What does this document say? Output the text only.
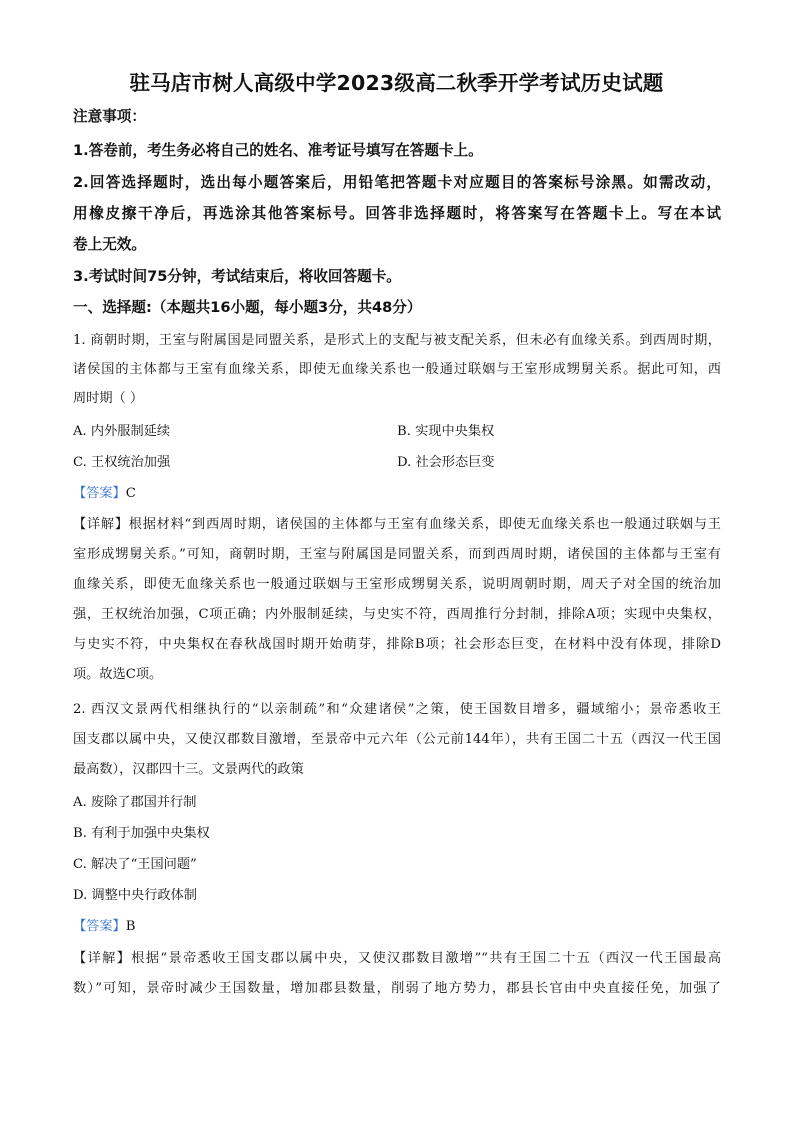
驻马店市树人高级中学2023级高二秋季开学考试历史试题
注意事项：
1.答卷前，考生务必将自己的姓名、准考证号填写在答题卡上。
2.回答选择题时，选出每小题答案后，用铅笔把答题卡对应题目的答案标号涂黑。如需改动，
用橡皮擦干净后，再选涂其他答案标号。回答非选择题时，将答案写在答题卡上。写在本试
卷上无效。
3.考试时间75分钟，考试结束后，将收回答题卡。
一、选择题:（本题共16小题，每小题3分，共48分）
1. 商朝时期，王室与附属国是同盟关系，是形式上的支配与被支配关系，但未必有血缘关系。到西周时期，
诸侯国的主体都与王室有血缘关系，即使无血缘关系也一般通过联姻与王室形成甥舅关系。据此可知，西
周时期（ ）
A. 内外服制延续	B. 实现中央集权
C. 王权统治加强	D. 社会形态巨变
【答案】C
【详解】根据材料“到西周时期，诸侯国的主体都与王室有血缘关系，即使无血缘关系也一般通过联姻与王
室形成甥舅关系。”可知，商朝时期，王室与附属国是同盟关系，而到西周时期，诸侯国的主体都与王室有
血缘关系，即使无血缘关系也一般通过联姻与王室形成甥舅关系，说明周朝时期，周天子对全国的统治加
强，王权统治加强，C项正确；内外服制延续，与史实不符，西周推行分封制，排除A项；实现中央集权，
与史实不符，中央集权在春秋战国时期开始萌芽，排除B项；社会形态巨变，在材料中没有体现，排除D
项。故选C项。
2. 西汉文景两代相继执行的“以亲制疏”和“众建诸侯”之策，使王国数目增多，疆域缩小；景帝悉收王
国支郡以属中央，又使汉郡数目激增，至景帝中元六年（公元前144年），共有王国二十五（西汉一代王国
最高数），汉郡四十三。文景两代的政策
A. 废除了郡国并行制
B. 有利于加强中央集权
C. 解决了“王国问题”
D. 调整中央行政体制
【答案】B
【详解】根据“景帝悉收王国支郡以属中央，又使汉郡数目激增”“共有王国二十五（西汉一代王国最高
数）”可知，景帝时减少王国数量，增加郡县数量，削弱了地方势力，郡县长官由中央直接任免，加强了
